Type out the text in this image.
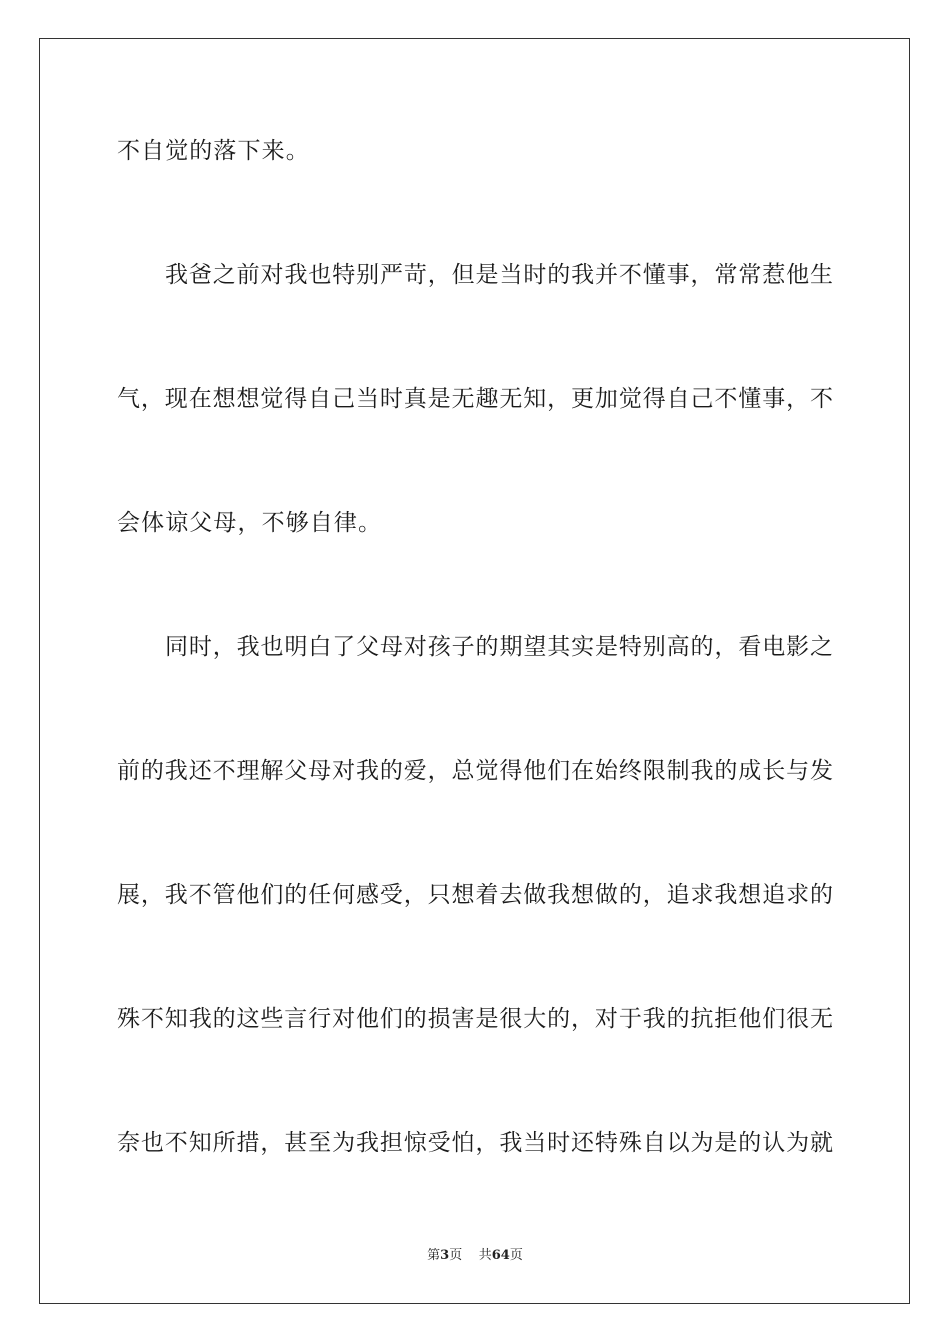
不自觉的落下来。

我爸之前对我也特别严苛，但是当时的我并不懂事，常常惹他生

气，现在想想觉得自己当时真是无趣无知，更加觉得自己不懂事，不

会体谅父母，不够自律。

同时，我也明白了父母对孩子的期望其实是特别高的，看电影之

前的我还不理解父母对我的爱，总觉得他们在始终限制我的成长与发

展，我不管他们的任何感受，只想着去做我想做的，追求我想追求的

殊不知我的这些言行对他们的损害是很大的，对于我的抗拒他们很无

奈也不知所措，甚至为我担惊受怕，我当时还特殊自以为是的认为就

第3页 共64页
